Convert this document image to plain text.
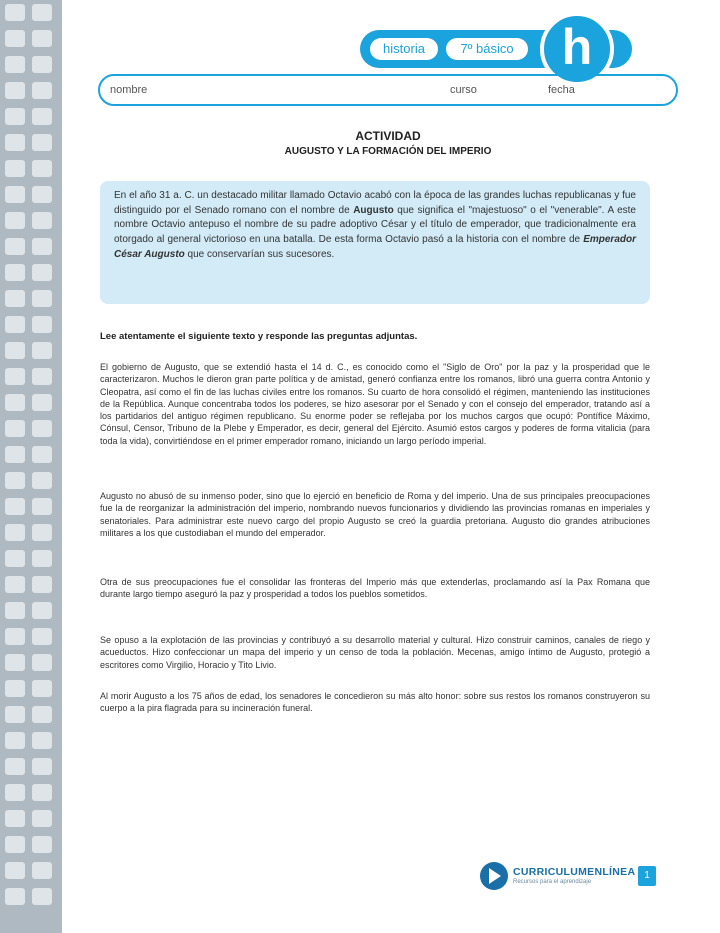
historia	7º básico h
nombre	curso	fecha
ACTIVIDAD
AUGUSTO Y LA FORMACIÓN DEL IMPERIO
En el año 31 a. C. un destacado militar llamado Octavio acabó con la época de las grandes luchas republicanas y fue distinguido por el Senado romano con el nombre de Augusto que significa el "majestuoso" o el "venerable". A este nombre Octavio antepuso el nombre de su padre adoptivo César y el título de emperador, que tradicionalmente era otorgado al general victorioso en una batalla. De esta forma Octavio pasó a la historia con el nombre de Emperador César Augusto que conservarían sus sucesores.
Lee atentamente el siguiente texto y responde las preguntas adjuntas.
El gobierno de Augusto, que se extendió hasta el 14 d. C., es conocido como el "Siglo de Oro" por la paz y la prosperidad que le caracterizaron. Muchos le dieron gran parte política y de amistad, generó confianza entre los romanos, libró una guerra contra Antonio y Cleopatra, así como el fin de las luchas civiles entre los romanos. Su cuarto de hora consolidó el régimen, manteniendo las instituciones de la República. Aunque concentraba todos los poderes, se hizo asesorar por el Senado y con el consejo del emperador, tratando así a los partidarios del antiguo régimen republicano. Su enorme poder se reflejaba por los muchos cargos que ocupó: Pontífice Máximo, Cónsul, Censor, Tribuno de la Plebe y Emperador, es decir, general del Ejército. Asumió estos cargos y poderes de forma vitalicia (para toda la vida), convirtiéndose en el primer emperador romano, iniciando un largo período imperial.
Augusto no abusó de su inmenso poder, sino que lo ejerció en beneficio de Roma y del imperio. Una de sus principales preocupaciones fue la de reorganizar la administración del imperio, nombrando nuevos funcionarios y dividiendo las provincias romanas en imperiales y senatoriales. Para administrar este nuevo cargo del propio Augusto se creó la guardia pretoriana. Augusto dio grandes atribuciones militares a los que custodiaban el mundo del emperador.
Otra de sus preocupaciones fue el consolidar las fronteras del Imperio más que extenderlas, proclamando así la Pax Romana que durante largo tiempo aseguró la paz y prosperidad a todos los pueblos sometidos.
Se opuso a la explotación de las provincias y contribuyó a su desarrollo material y cultural. Hizo construir caminos, canales de riego y acueductos. Hizo confeccionar un mapa del imperio y un censo de toda la población. Mecenas, amigo íntimo de Augusto, protegió a escritores como Virgilio, Horacio y Tito Livio.
Al morir Augusto a los 75 años de edad, los senadores le concedieron su más alto honor: sobre sus restos los romanos construyeron su cuerpo a la pira flagrada para su incineración funeral.
CURRICULUMENLÍNEA
Recursos para el aprendizaje
1
